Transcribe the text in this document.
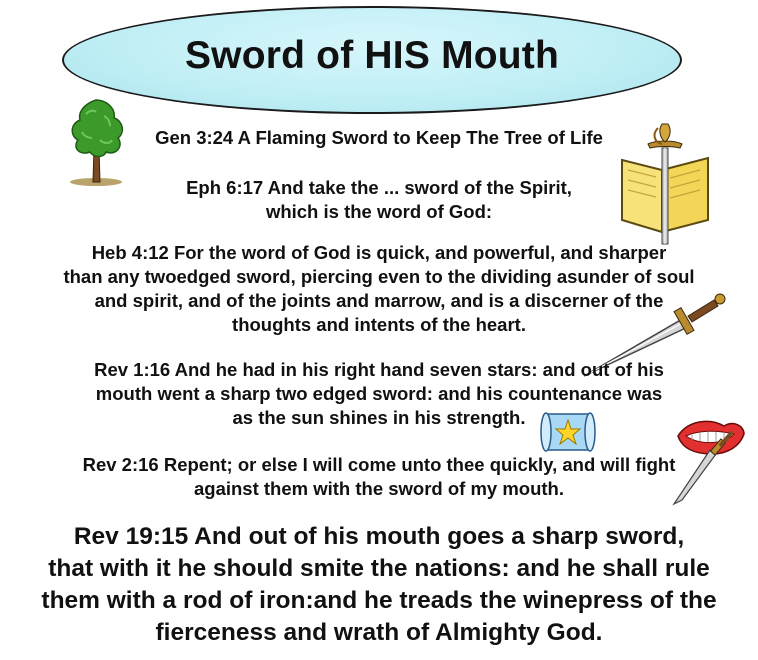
Sword of HIS Mouth

Gen 3:24 A Flaming Sword to Keep The Tree of Life

Eph 6:17 And take the ... sword of the Spirit,
which is the word of God:

Heb 4:12 For the word of God is quick, and powerful, and sharper
than any twoedged sword, piercing even to the dividing asunder of soul
and spirit, and of the joints and marrow, and is a discerner of the
thoughts and intents of the heart.

Rev 1:16 And he had in his right hand seven stars: and out of his
mouth went a sharp two edged sword: and his countenance was
as the sun shines in his strength.

Rev 2:16 Repent; or else I will come unto thee quickly, and will fight
against them with the sword of my mouth.

Rev 19:15 And out of his mouth goes a sharp sword,
that with it he should smite the nations: and he shall rule
them with a rod of iron:and he treads the winepress of the
fierceness and wrath of Almighty God.
